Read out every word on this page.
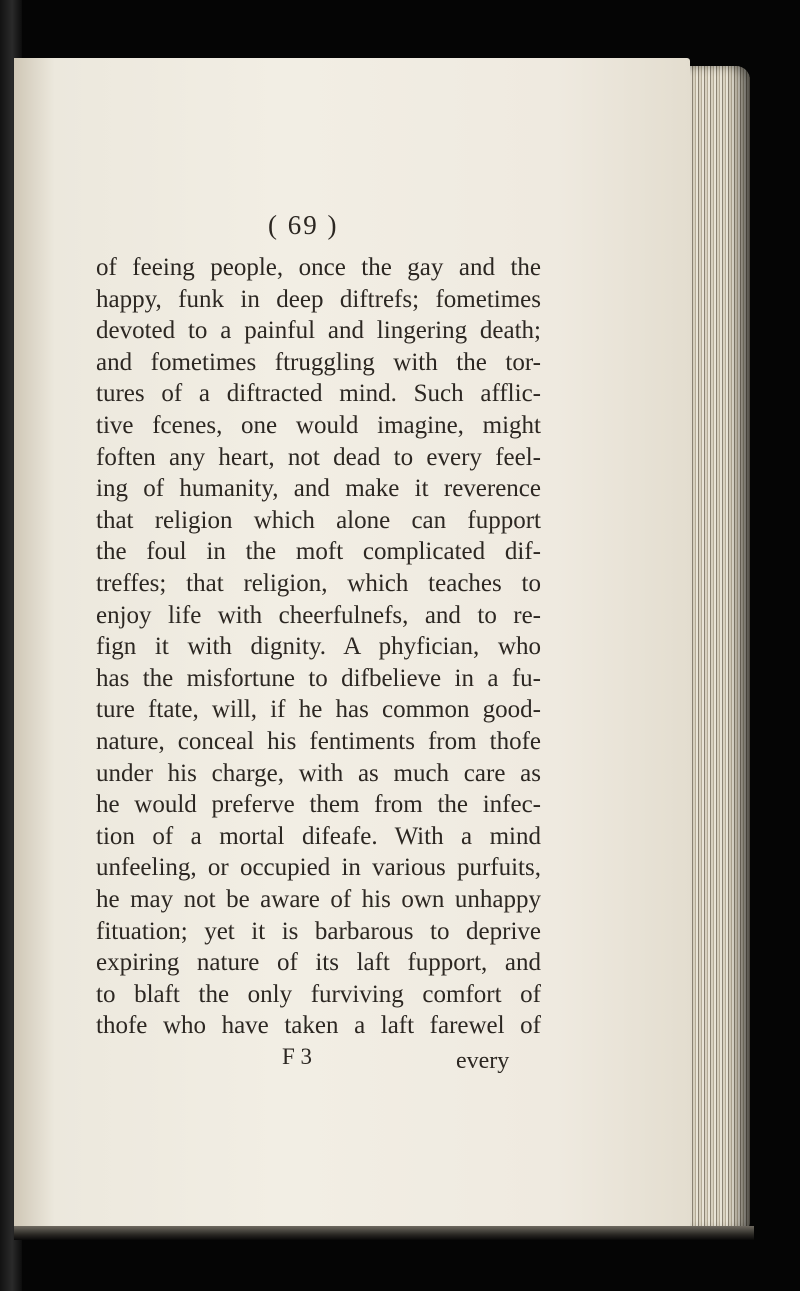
( 69 )
of feeing people, once the gay and the
happy, funk in deep diftrefs; fometimes
devoted to a painful and lingering death;
and fometimes ftruggling with the tor-
tures of a diftracted mind. Such afflic-
tive fcenes, one would imagine, might
foften any heart, not dead to every feel-
ing of humanity, and make it reverence
that religion which alone can fupport
the foul in the moft complicated dif-
treffes; that religion, which teaches to
enjoy life with cheerfulnefs, and to re-
fign it with dignity. A phyfician, who
has the misfortune to difbelieve in a fu-
ture ftate, will, if he has common good-
nature, conceal his fentiments from thofe
under his charge, with as much care as
he would preferve them from the infec-
tion of a mortal difeafe. With a mind
unfeeling, or occupied in various purfuits,
he may not be aware of his own unhappy
fituation; yet it is barbarous to deprive
expiring nature of its laft fupport, and
to blaft the only furviving comfort of
thofe who have taken a laft farewel of
F 3	every
